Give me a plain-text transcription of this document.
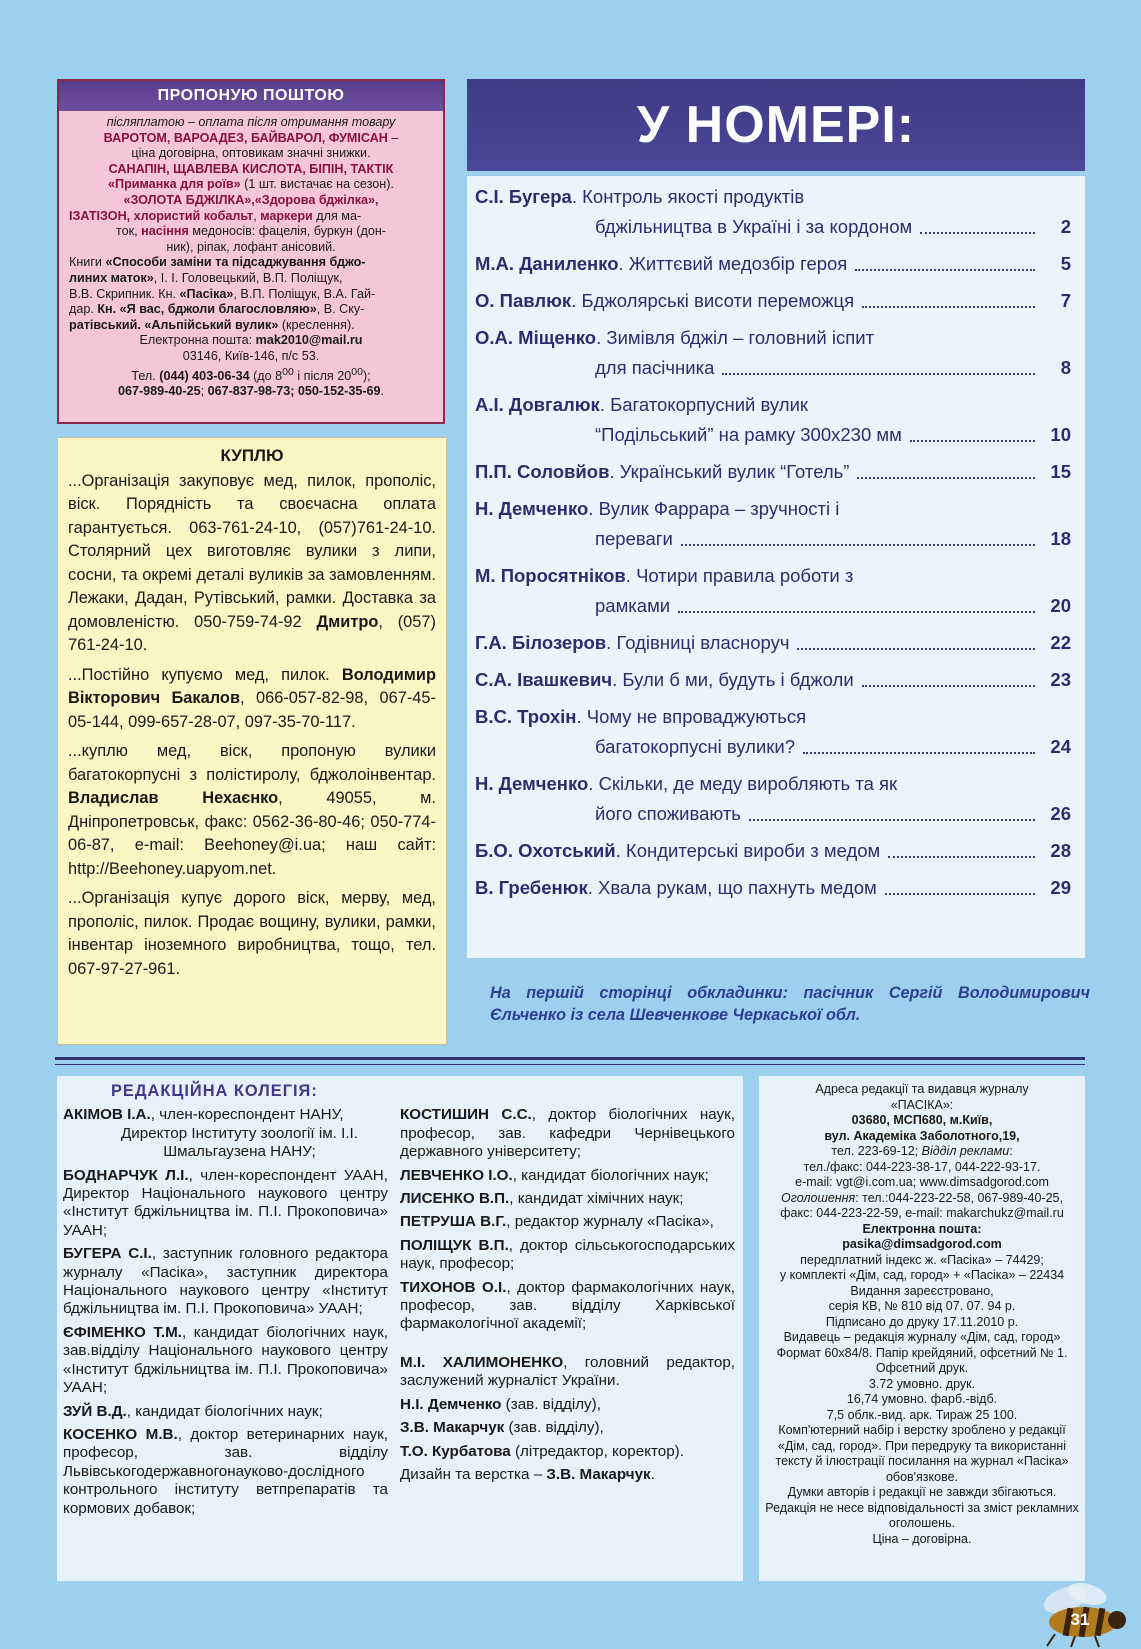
ПРОПОНУЮ ПОШТОЮ
післяплатою – оплата після отримання товару
ВАРОТОМ, ВАРОАДЕЗ, БАЙВАРОЛ, ФУМІСАН –
ціна договірна, оптовикам значні знижки.
САНАПІН, ЩАВЛЕВА КИСЛОТА, БІПІН, ТАКТІК
«Приманка для роїв» (1 шт. вистачає на сезон).
«ЗОЛОТА БДЖІЛКА»,«Здорова бджілка»,
ІЗАТІЗОН, хлористий кобальт, маркери для ма-
ток, насіння медоносів: фацелія, буркун (дон-
ник), ріпак, лофант анісовий.
Книги «Способи заміни та підсаджування бджо-
линих маток», І. І. Головецький, В.П. Поліщук,
В.В. Скрипник. Кн. «Пасіка», В.П. Поліщук, В.А. Гай-
дар. Кн. «Я вас, бджоли благословляю», В. Ску-
ратівський. «Альпійський вулик» (креслення).
Електронна пошта: mak2010@mail.ru
03146, Київ-146, п/с 53.
Тел. (044) 403-06-34 (до $8^{00}$ і після $20^{00}$);
067-989-40-25; 067-837-98-73; 050-152-35-69.
КУПЛЮ

...Організація закуповує мед, пилок, прополіс, віск. Порядність та своєчасна оплата гарантується. 063-761-24-10, (057)761-24-10. Столярний цех виготовляє вулики з липи, сосни, та окремі деталі вуликів за замовленням. Лежаки, Дадан, Рутівський, рамки. Доставка за домовленістю. 050-759-74-92 Дмитро, (057) 761-24-10.

...Постійно купуємо мед, пилок. Володимир Вікторович Бакалов, 066-057-82-98, 067-45-05-144, 099-657-28-07, 097-35-70-117.

...куплю мед, віск, пропоную вулики багатокорпусні з полістиролу, бджолоінвентар. Владислав Нехаєнко, 49055, м. Дніпропетровськ, факс: 0562-36-80-46; 050-774-06-87, e-mail: Beehoney@i.ua; наш сайт: http://Beehoney.uapyom.net.

...Організація купує дорого віск, мерву, мед, прополіс, пилок. Продає вощину, вулики, рамки, інвентар іноземного виробництва, тощо, тел. 067-97-27-961.

У НОМЕРІ:
С.І. Бугера . Контроль якості продуктів
бджільництва в Україні і за кордоном	2
М.А. Даниленко . Життєвий медозбір героя	5
О. Павлюк . Бджолярські висоти переможця	7
О.А. Міщенко . Зимівля бджіл – головний іспит
для пасічника	8
А.І. Довгалюк . Багатокорпусний вулик
“Подільський” на рамку 300х230 мм	10
П.П. Соловйов . Український вулик “Готель”	15
Н. Демченко . Вулик Фаррара – зручності і
переваги	18
М. Поросятніков . Чотири правила роботи з
рамками	20
Г.А. Білозеров . Годівниці власноруч	22
С.А. Івашкевич . Були б ми, будуть і бджоли	23
В.С. Трохін . Чому не впроваджуються
багатокорпусні вулики?	24
Н. Демченко . Скільки, де меду виробляють та як
його споживають	26
Б.О. Охотський . Кондитерські вироби з медом	28
В. Гребенюк . Хвала рукам, що пахнуть медом	29
На першій сторінці обкладинки: пасічник Сергій Володимирович Єльченко із села Шевченкове Черкаської обл.
РЕДАКЦІЙНА КОЛЕГІЯ:
АКІМОВ І.А., член-кореспондент НАНУ,
Директор Інституту зоології ім. І.І. Шмальгаузена НАНУ;
БОДНАРЧУК Л.І., член-кореспондент УААН, Директор Національного наукового центру «Інститут бджільництва ім. П.І. Прокоповича» УААН;
БУГЕРА С.І., заступник головного редактора журналу «Пасіка», заступник директора Національного наукового центру «Інститут бджільництва ім. П.І. Прокоповича» УААН;
ЄФІМЕНКО Т.М., кандидат біологічних наук, зав.відділу Національного наукового центру «Інститут бджільництва ім. П.І. Прокоповича» УААН;
ЗУЙ В.Д., кандидат біологічних наук;
КОСЕНКО М.В., доктор ветеринарних наук, професор, зав. відділу Львівськогодержавногонауково-дослідного контрольного інституту ветпрепаратів та кормових добавок;
КОСТИШИН С.С., доктор біологічних наук, професор, зав. кафедри Чернівецького державного університету;
ЛЕВЧЕНКО І.О., кандидат біологічних наук;
ЛИСЕНКО В.П., кандидат хімічних наук;
ПЕТРУША В.Г., редактор журналу «Пасіка»,
ПОЛІЩУК В.П., доктор сільськогосподарських наук, професор;
ТИХОНОВ О.І., доктор фармакологічних наук, професор, зав. відділу Харківської фармакологічної академії;
М.І. ХАЛИМОНЕНКО, головний редактор, заслужений журналіст України.
Н.І. Демченко (зав. відділу),
З.В. Макарчук (зав. відділу),
Т.О. Курбатова (літредактор, коректор).
Дизайн та верстка – З.В. Макарчук.
Адреса редакції та видавця журналу
«ПАСІКА»:
03680, МСП680, м.Київ,
вул. Академіка Заболотного,19,
тел. 223-69-12; Відділ реклами:
тел./факс: 044-223-38-17, 044-222-93-17.
e-mail: vgt@i.com.ua; www.dimsadgorod.com
Оголошення: тел.:044-223-22-58, 067-989-40-25,
факс: 044-223-22-59, e-mail: makarchukz@mail.ru
Електронна пошта:
pasika@dimsadgorod.com
передплатний індекс ж. «Пасіка» – 74429;
у комплекті «Дім, сад, город» + «Пасіка» – 22434
Видання зареєстровано,
серія КВ, № 810 від 07. 07. 94 р.
Підписано до друку 17.11.2010 р.
Видавець – редакція журналу «Дім, сад, город»
Формат 60х84/8. Папір крейдяний, офсетний № 1. Офсетний друк.
3.72 умовно. друк.
16,74 умовно. фарб.-відб.
7,5 облк.-вид. арк. Тираж 25 100.
Комп'ютерний набір і верстку зроблено у редакції «Дім, сад, город». При передруку та використанні тексту й ілюстрації посилання на журнал «Пасіка» обов'язкове.
Думки авторів і редакції не завжди збігаються.
Редакція не несе відповідальності за зміст рекламних оголошень.
Ціна – договірна.
31
